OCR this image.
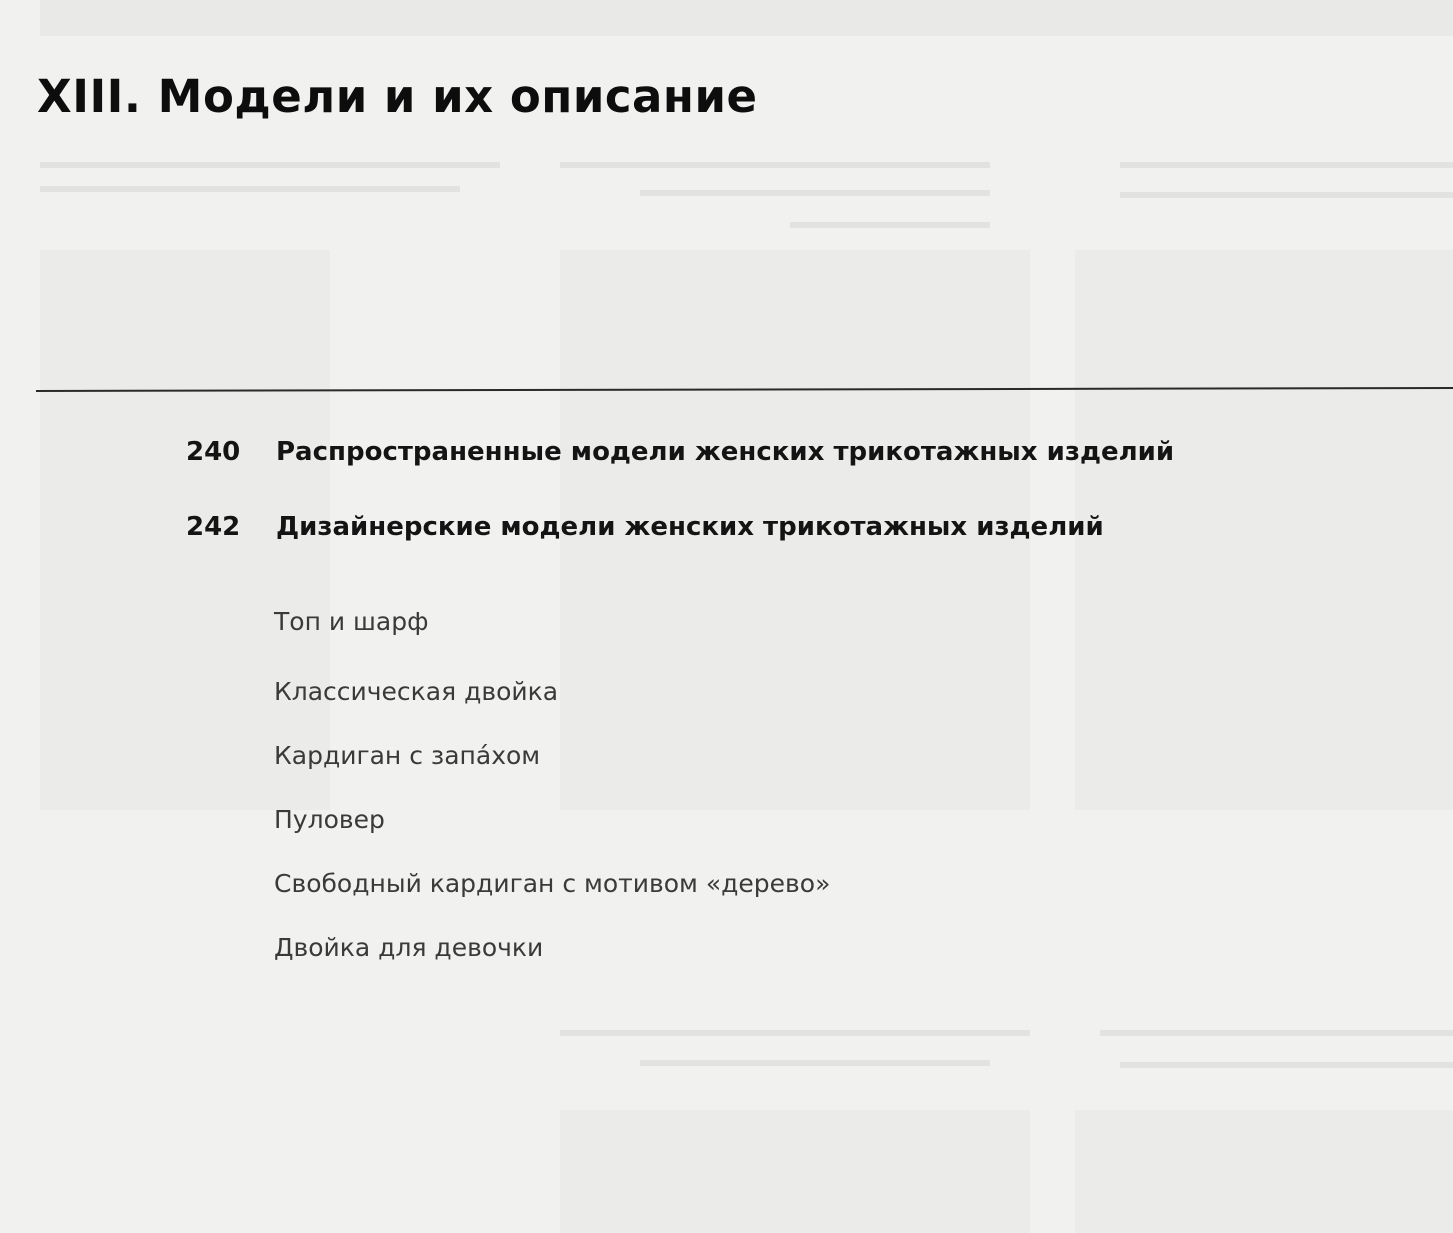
XIII. Модели и их описание
240 Распространенные модели женских трикотажных изделий
242 Дизайнерские модели женских трикотажных изделий
Топ и шарф
Классическая двойка
Кардиган с запáхом
Пуловер
Свободный кардиган с мотивом «дерево»
Двойка для девочки
